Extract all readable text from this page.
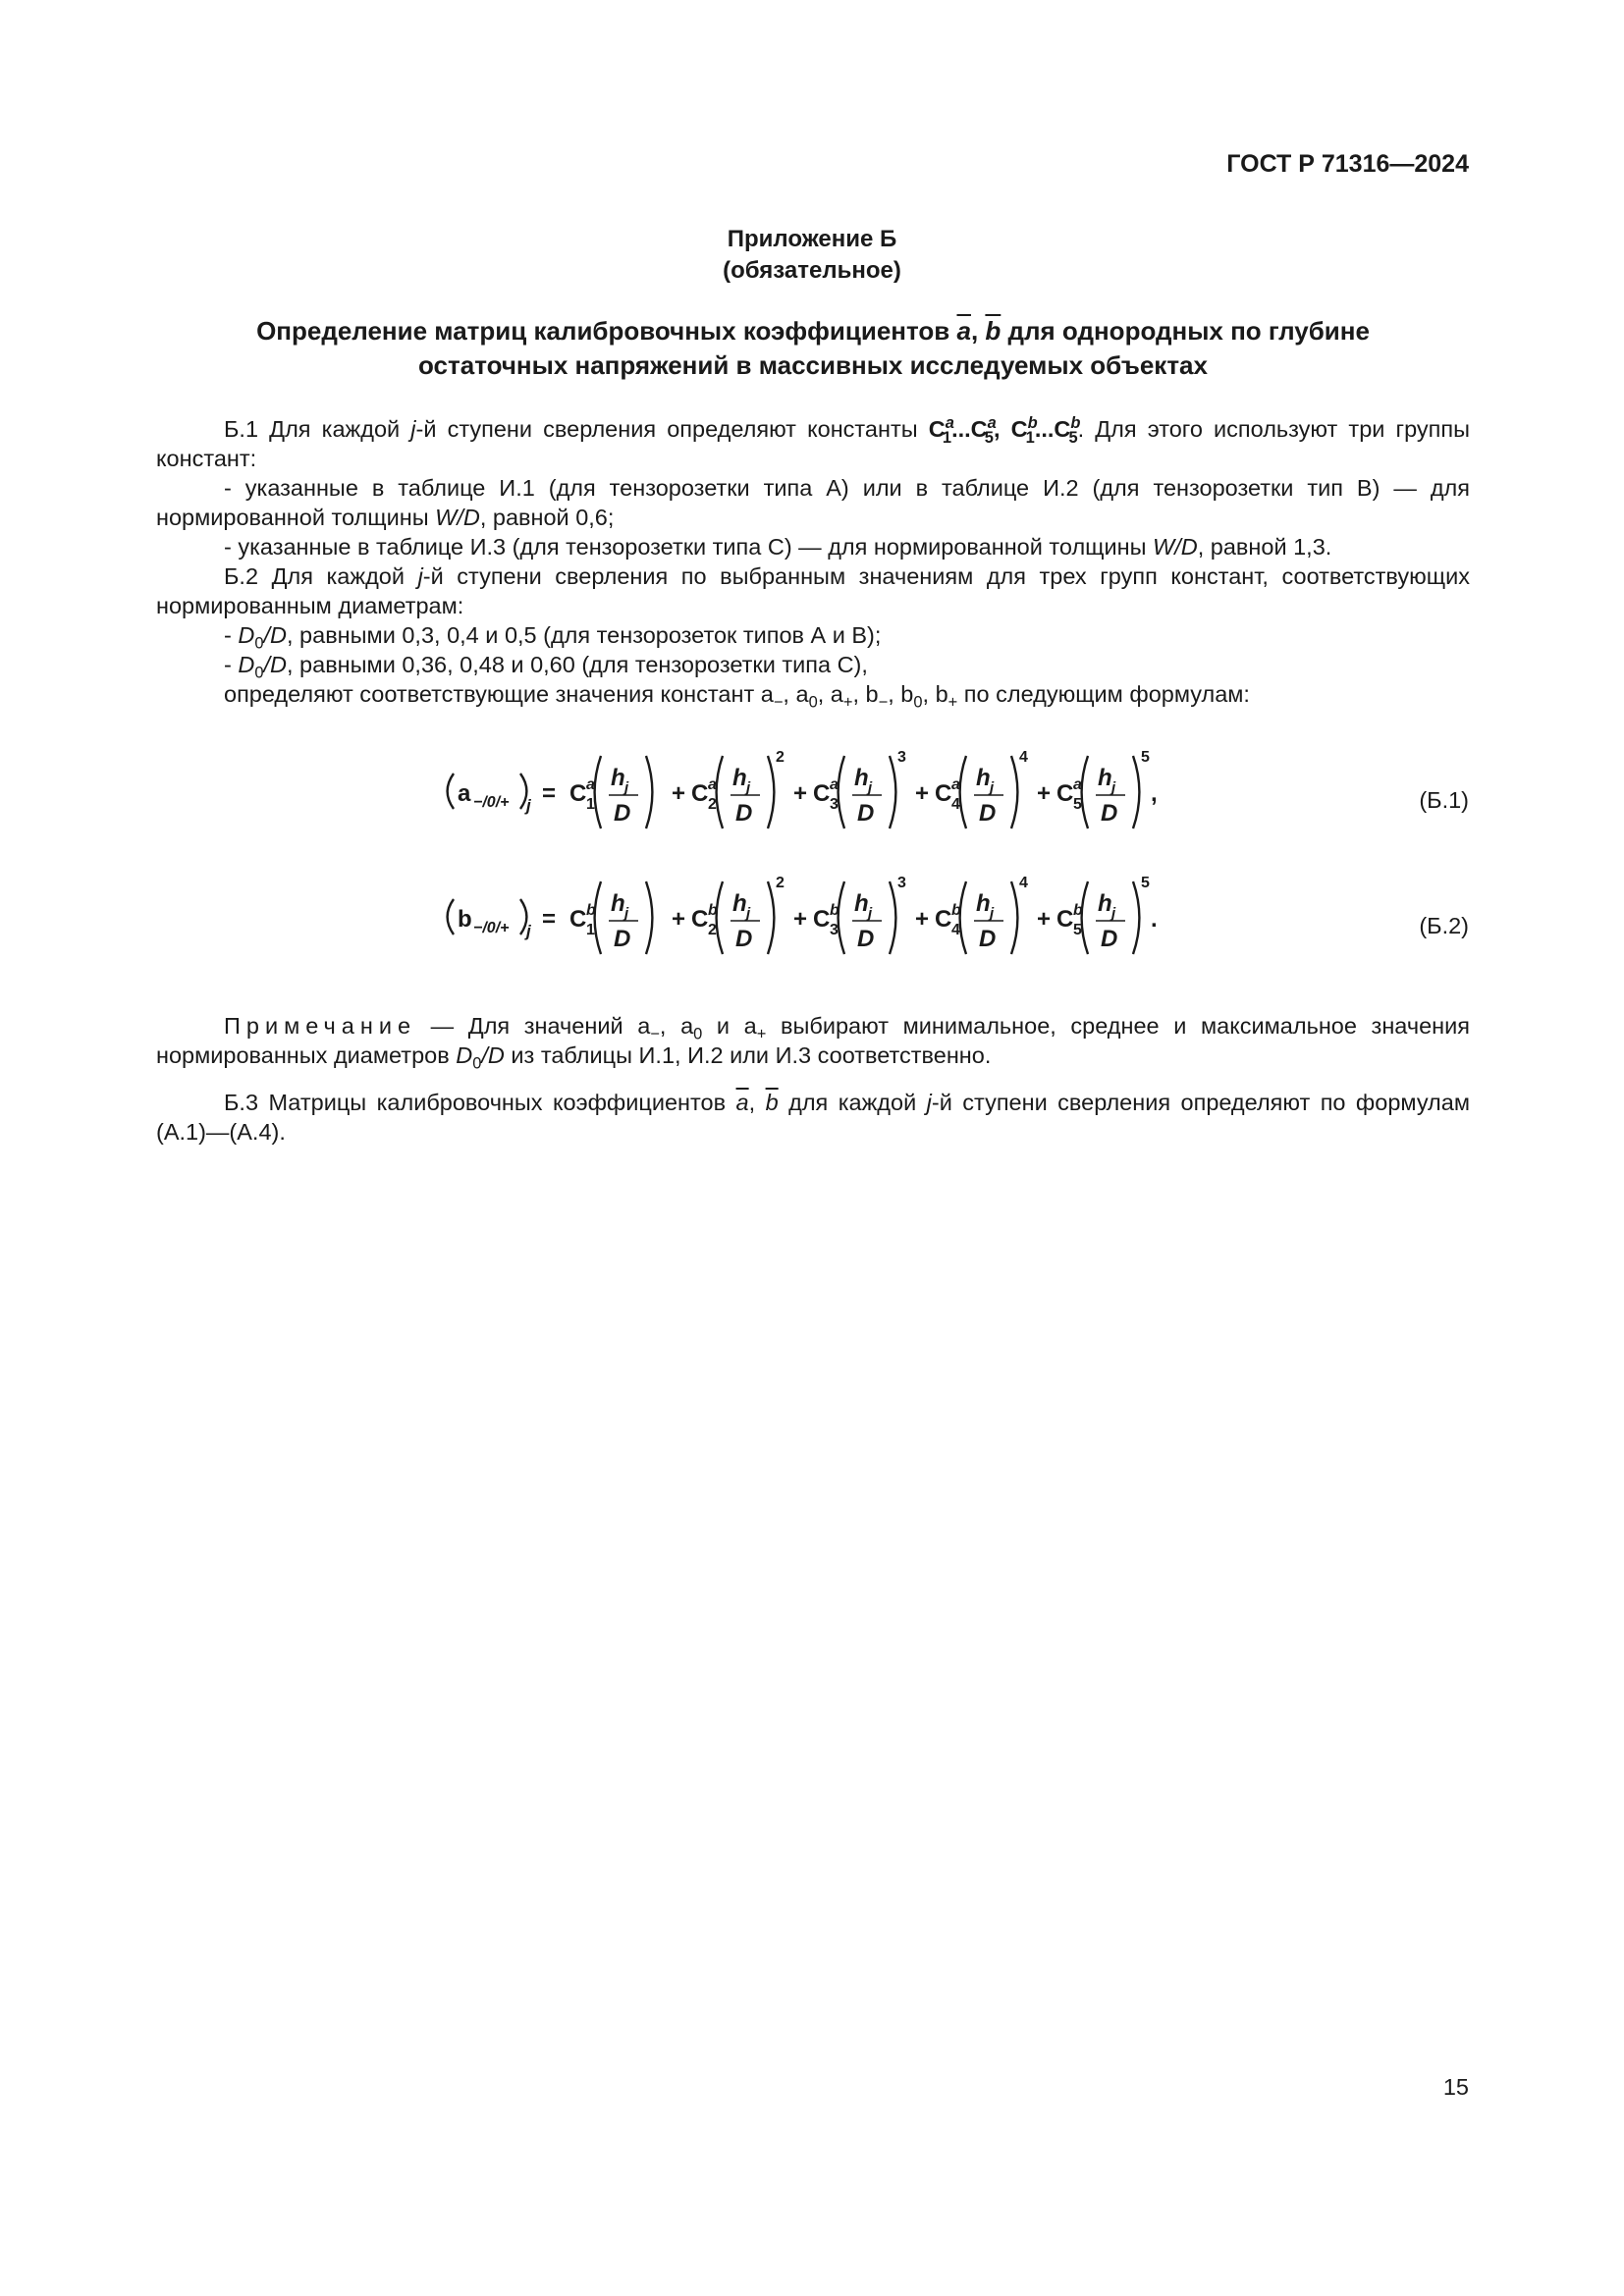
ГОСТ Р 71316—2024
Приложение Б
(обязательное)
Определение матриц калибровочных коэффициентов $\overline{a}$, $\overline{b}$ для однородных по глубине
остаточных напряжений в массивных исследуемых объектах

Б.1 Для каждой j-й ступени сверления определяют константы $C^a_1...C^a_5$, $C^b_1...C^b_5$. Для этого используют три группы констант:

- указанные в таблице И.1 (для тензорозетки типа А) или в таблице И.2 (для тензорозетки тип В) — для нормированной толщины W/D, равной 0,6;

- указанные в таблице И.3 (для тензорозетки типа С) — для нормированной толщины W/D, равной 1,3.

Б.2 Для каждой j-й ступени сверления по выбранным значениям для трех групп констант, соответствующих нормированным диаметрам:

- $D_0/D$, равными 0,3, 0,4 и 0,5 (для тензорозеток типов А и В);

- $D_0/D$, равными 0,36, 0,48 и 0,60 (для тензорозетки типа С),

определяют соответствующие значения констант $a_-$, $a_0$, $a_+$, $b_-$, $b_0$, $b_+$ по следующим формулам:

a −/0/+ j = C a
1
h j
D
+ C a
2
h j
D
2
+ C a
3
h j
D
3
+ C a
4
h j
D
4
+ C a
5
h j
D
5
,	(Б.1)
b −/0/+ j = C b
1
h j
D
+ C b
2
h j
D
2
+ C b
3
h j
D
3
+ C b
4
h j
D
4
+ C b
5
h j
D
5
.	(Б.2)

Примечание — Для значений $a_-$, $a_0$ и $a_+$ выбирают минимальное, среднее и максимальное значения нормированных диаметров $D_0/D$ из таблицы И.1, И.2 или И.3 соответственно.

Б.3 Матрицы калибровочных коэффициентов $\overline{a}$, $\overline{b}$ для каждой j-й ступени сверления определяют по формулам (А.1)—(А.4).

15
